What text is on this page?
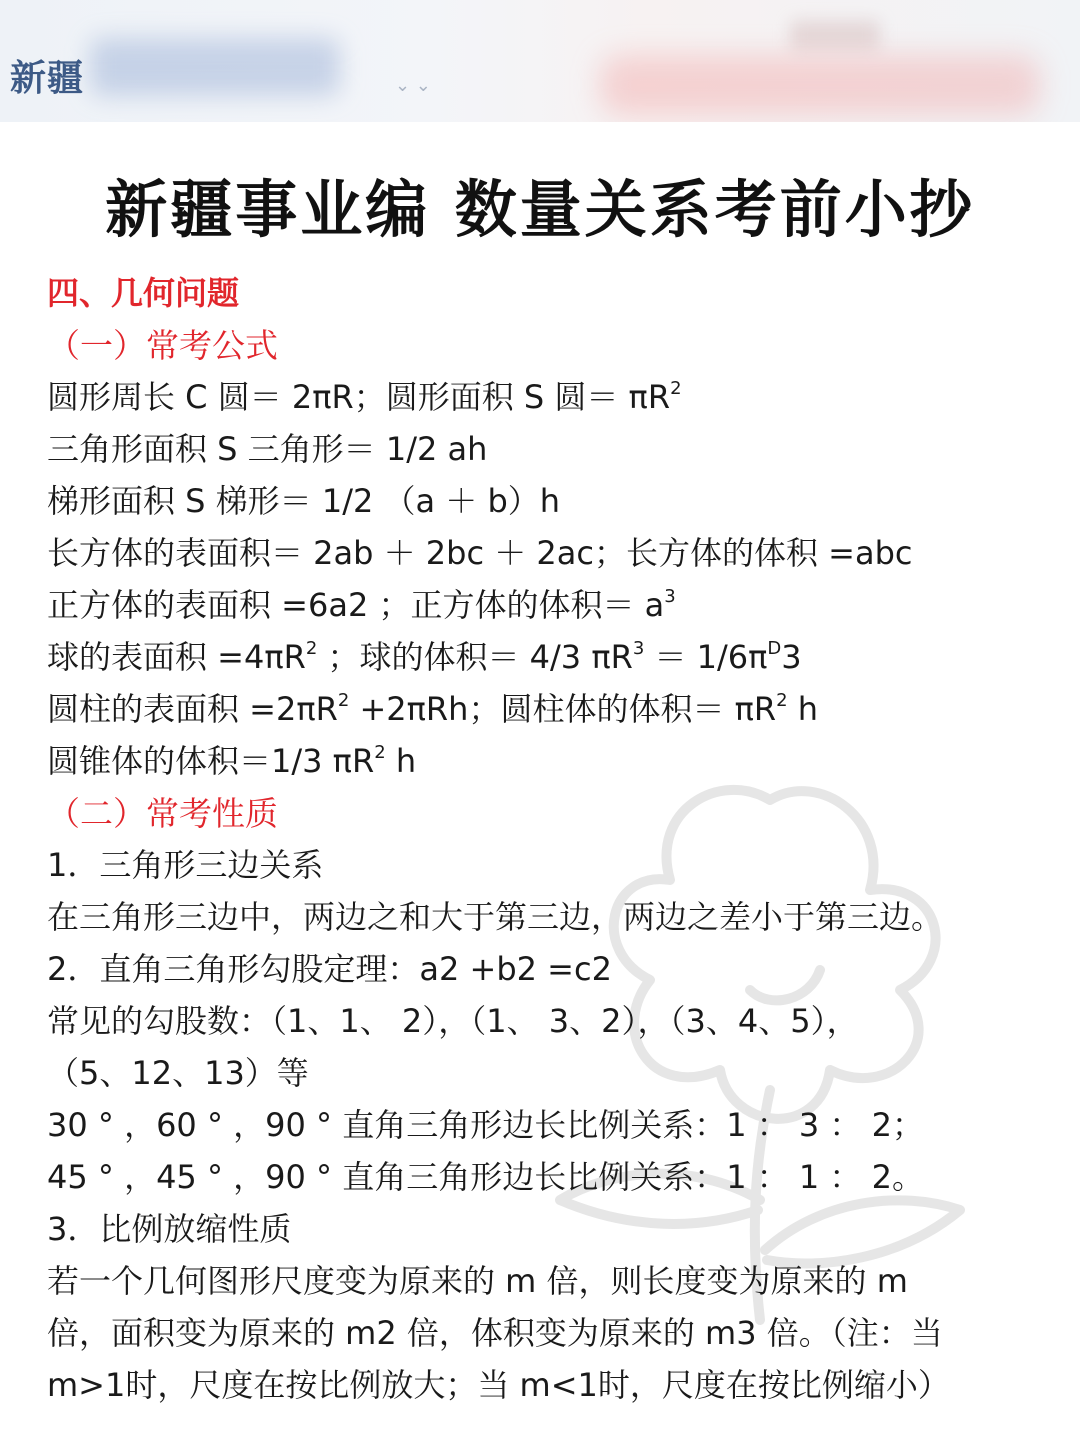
新疆	⌄ ⌄
新疆事业编 数量关系考前小抄
四、几何问题
（一）常考公式
圆形周长 C 圆＝ 2πR；圆形面积 S 圆＝ $\pi R^2$
三角形面积 S 三角形＝ 1/2 ah
梯形面积 S 梯形＝ 1/2 （a ＋ b）h
长方体的表面积＝ 2ab ＋ 2bc ＋ 2ac；长方体的体积 =abc
正方体的表面积 =6a2 ；正方体的体积＝ $a^3$
球的表面积 $=4\pi R^2$ ；球的体积＝ 4/3 $\pi R^3 = 1/6\pi^D3$
圆柱的表面积 $=2\pi R^2 +2\pi Rh$；圆柱体的体积＝ $\pi R^2$ h
圆锥体的体积＝1/3 $\pi R^2$ h
（二）常考性质
1．三角形三边关系
在三角形三边中，两边之和大于第三边，两边之差小于第三边。
2．直角三角形勾股定理：a2 +b2 =c2
常见的勾股数：（1、1、 2），（1、 3、2），（3、4、5），
（5、12、13）等
30 ° ，60 ° ，90 ° 直角三角形边长比例关系：1 ： 3 ： 2；
45 ° ，45 ° ，90 ° 直角三角形边长比例关系：1 ： 1 ： 2。
3．比例放缩性质
若一个几何图形尺度变为原来的 m 倍，则长度变为原来的 m
倍，面积变为原来的 m2 倍，体积变为原来的 m3 倍。（注：当
m>1时，尺度在按比例放大；当 m<1时，尺度在按比例缩小）
